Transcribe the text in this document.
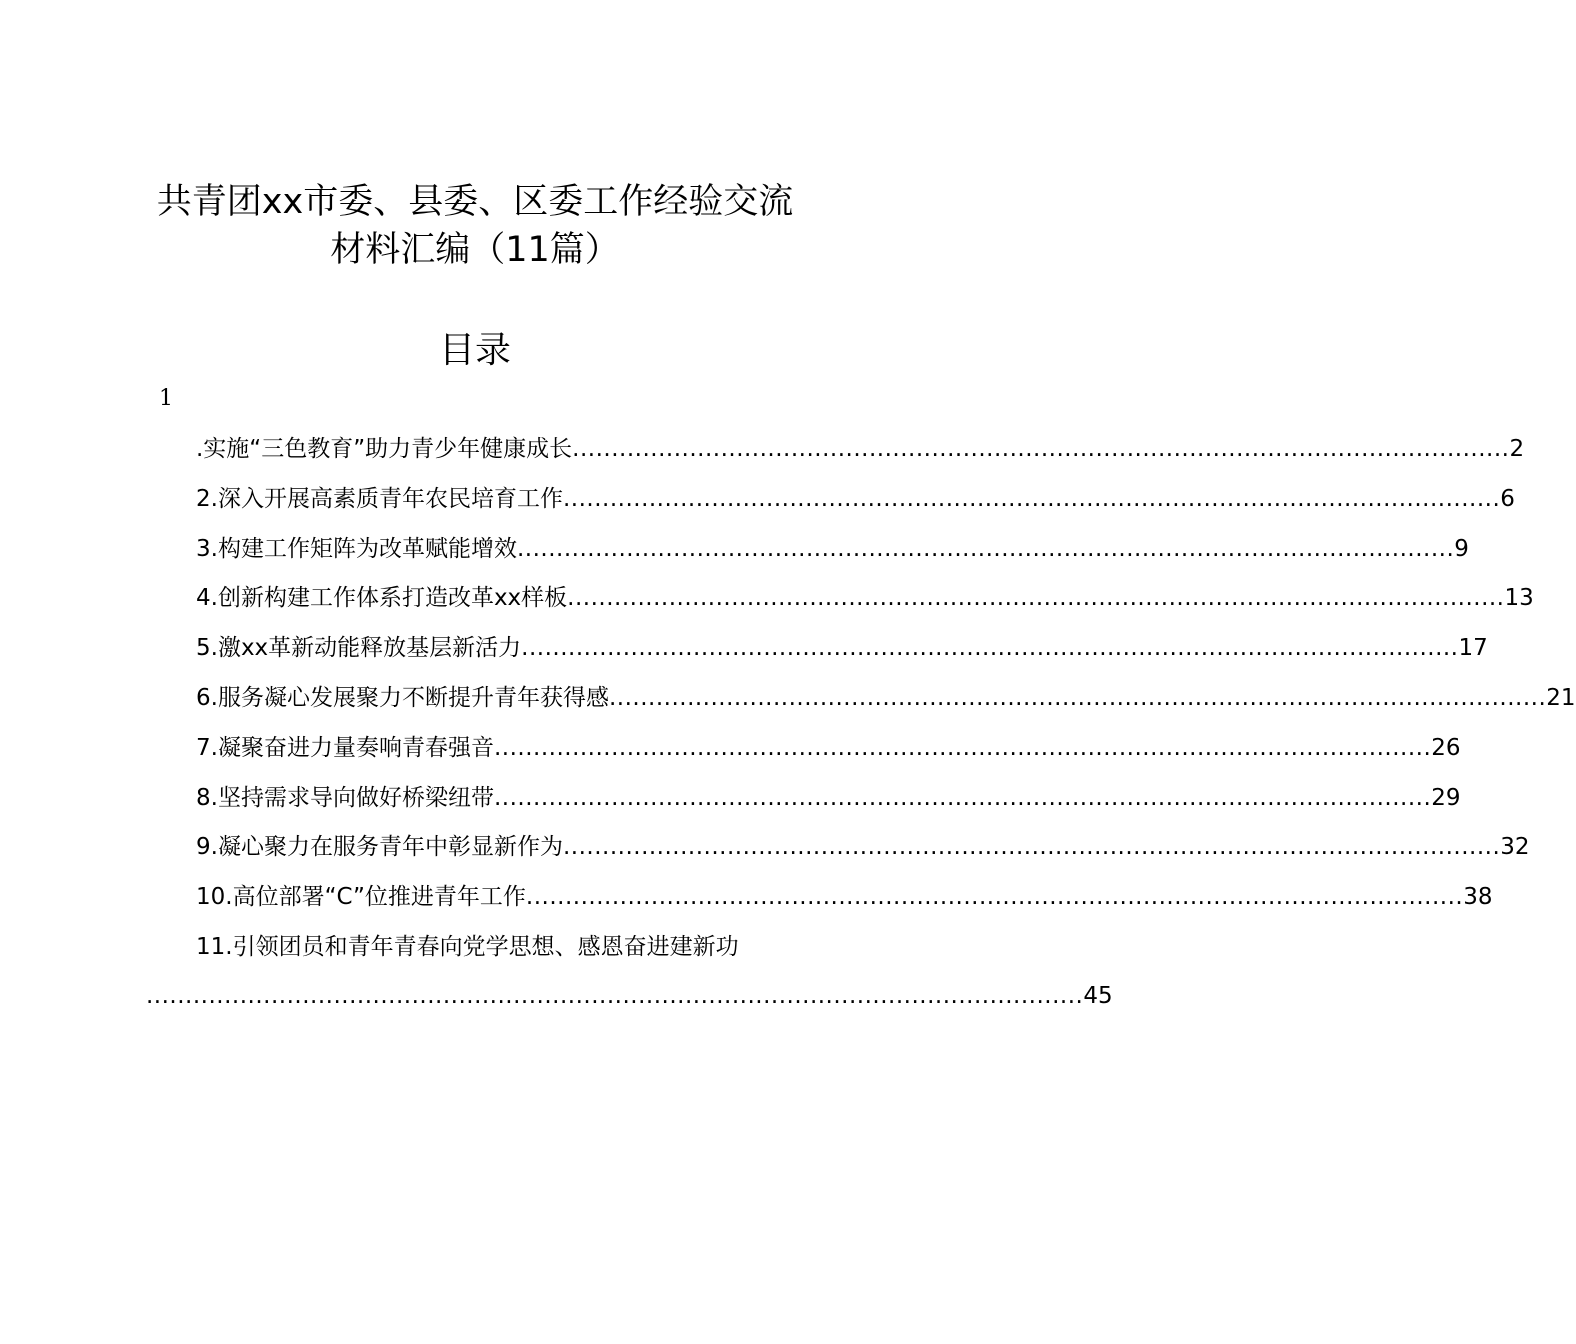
共青团xx市委、县委、区委工作经验交流
材料汇编（11篇）
目录
1
.实施“三色教育”助力青少年健康成长 ........................................................................................................................ 2
2.深入开展高素质青年农民培育工作 ........................................................................................................................ 6
3.构建工作矩阵为改革赋能增效 ........................................................................................................................ 9
4.创新构建工作体系打造改革xx样板 ........................................................................................................................ 13
5.激xx革新动能释放基层新活力 ........................................................................................................................ 17
6.服务凝心发展聚力不断提升青年获得感 ........................................................................................................................ 21
7.凝聚奋进力量奏响青春强音 ........................................................................................................................ 26
8.坚持需求导向做好桥梁纽带 ........................................................................................................................ 29
9.凝心聚力在服务青年中彰显新作为 ........................................................................................................................ 32
10.高位部署“C”位推进青年工作 ........................................................................................................................ 38
11.引领团员和青年青春向党学思想、感恩奋进建新功
........................................................................................................................ 45
